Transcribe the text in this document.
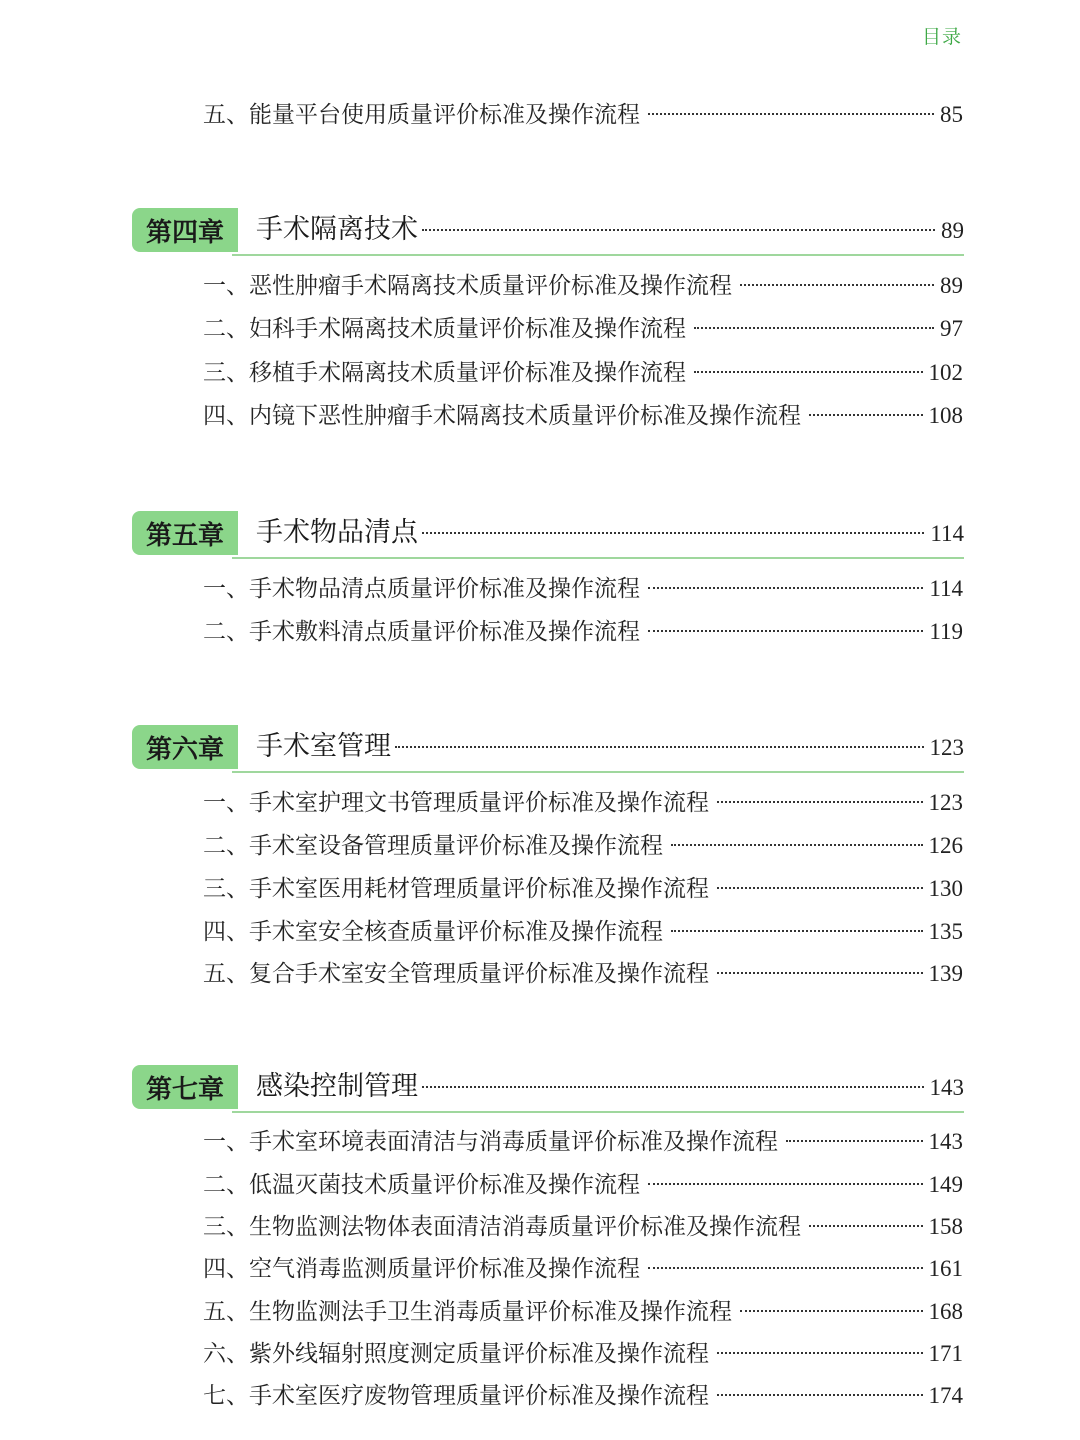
目录
五、 能量平台使用质量评价标准及操作流程	85
第四章	手术隔离技术	89
一、 恶性肿瘤手术隔离技术质量评价标准及操作流程	89
二、 妇科手术隔离技术质量评价标准及操作流程	97
三、 移植手术隔离技术质量评价标准及操作流程	102
四、 内镜下恶性肿瘤手术隔离技术质量评价标准及操作流程	108
第五章	手术物品清点	114
一、 手术物品清点质量评价标准及操作流程	114
二、 手术敷料清点质量评价标准及操作流程	119
第六章	手术室管理	123
一、 手术室护理文书管理质量评价标准及操作流程	123
二、 手术室设备管理质量评价标准及操作流程	126
三、 手术室医用耗材管理质量评价标准及操作流程	130
四、 手术室安全核查质量评价标准及操作流程	135
五、 复合手术室安全管理质量评价标准及操作流程	139
第七章	感染控制管理	143
一、 手术室环境表面清洁与消毒质量评价标准及操作流程	143
二、 低温灭菌技术质量评价标准及操作流程	149
三、 生物监测法物体表面清洁消毒质量评价标准及操作流程	158
四、 空气消毒监测质量评价标准及操作流程	161
五、 生物监测法手卫生消毒质量评价标准及操作流程	168
六、 紫外线辐射照度测定质量评价标准及操作流程	171
七、 手术室医疗废物管理质量评价标准及操作流程	174
